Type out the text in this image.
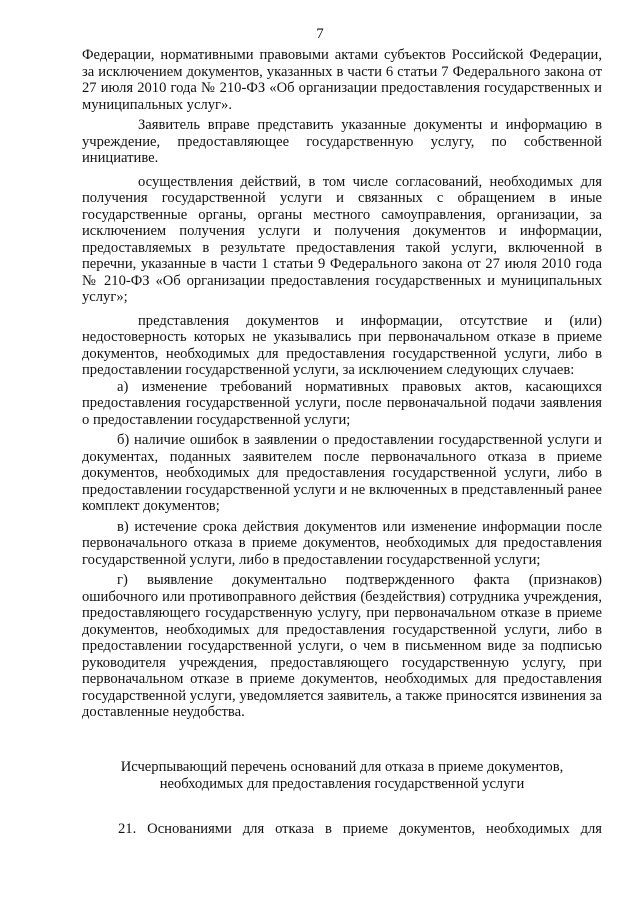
7

Федерации, нормативными правовыми актами субъектов Российской Федерации, за исключением документов, указанных в части 6 статьи 7 Федерального закона от 27 июля 2010 года № 210-ФЗ «Об организации предоставления государственных и муниципальных услуг».

Заявитель вправе представить указанные документы и информацию в учреждение, предоставляющее государственную услугу, по собственной инициативе.

осуществления действий, в том числе согласований, необходимых для получения государственной услуги и связанных с обращением в иные государственные органы, органы местного самоуправления, организации, за исключением получения услуги и получения документов и информации, предоставляемых в результате предоставления такой услуги, включенной в перечни, указанные в части 1 статьи 9 Федерального закона от 27 июля 2010 года № 210-ФЗ «Об организации предоставления государственных и муниципальных услуг»;

представления документов и информации, отсутствие и (или) недостоверность которых не указывались при первоначальном отказе в приеме документов, необходимых для предоставления государственной услуги, либо в предоставлении государственной услуги, за исключением следующих случаев:

а) изменение требований нормативных правовых актов, касающихся предоставления государственной услуги, после первоначальной подачи заявления о предоставлении государственной услуги;

б) наличие ошибок в заявлении о предоставлении государственной услуги и документах, поданных заявителем после первоначального отказа в приеме документов, необходимых для предоставления государственной услуги, либо в предоставлении государственной услуги и не включенных в представленный ранее комплект документов;

в) истечение срока действия документов или изменение информации после первоначального отказа в приеме документов, необходимых для предоставления государственной услуги, либо в предоставлении государственной услуги;

г) выявление документально подтвержденного факта (признаков) ошибочного или противоправного действия (бездействия) сотрудника учреждения, предоставляющего государственную услугу, при первоначальном отказе в приеме документов, необходимых для предоставления государственной услуги, либо в предоставлении государственной услуги, о чем в письменном виде за подписью руководителя учреждения, предоставляющего государственную услугу, при первоначальном отказе в приеме документов, необходимых для предоставления государственной услуги, уведомляется заявитель, а также приносятся извинения за доставленные неудобства.

Исчерпывающий перечень оснований для отказа в приеме документов,
необходимых для предоставления государственной услуги

21. Основаниями для отказа в приеме документов, необходимых для
